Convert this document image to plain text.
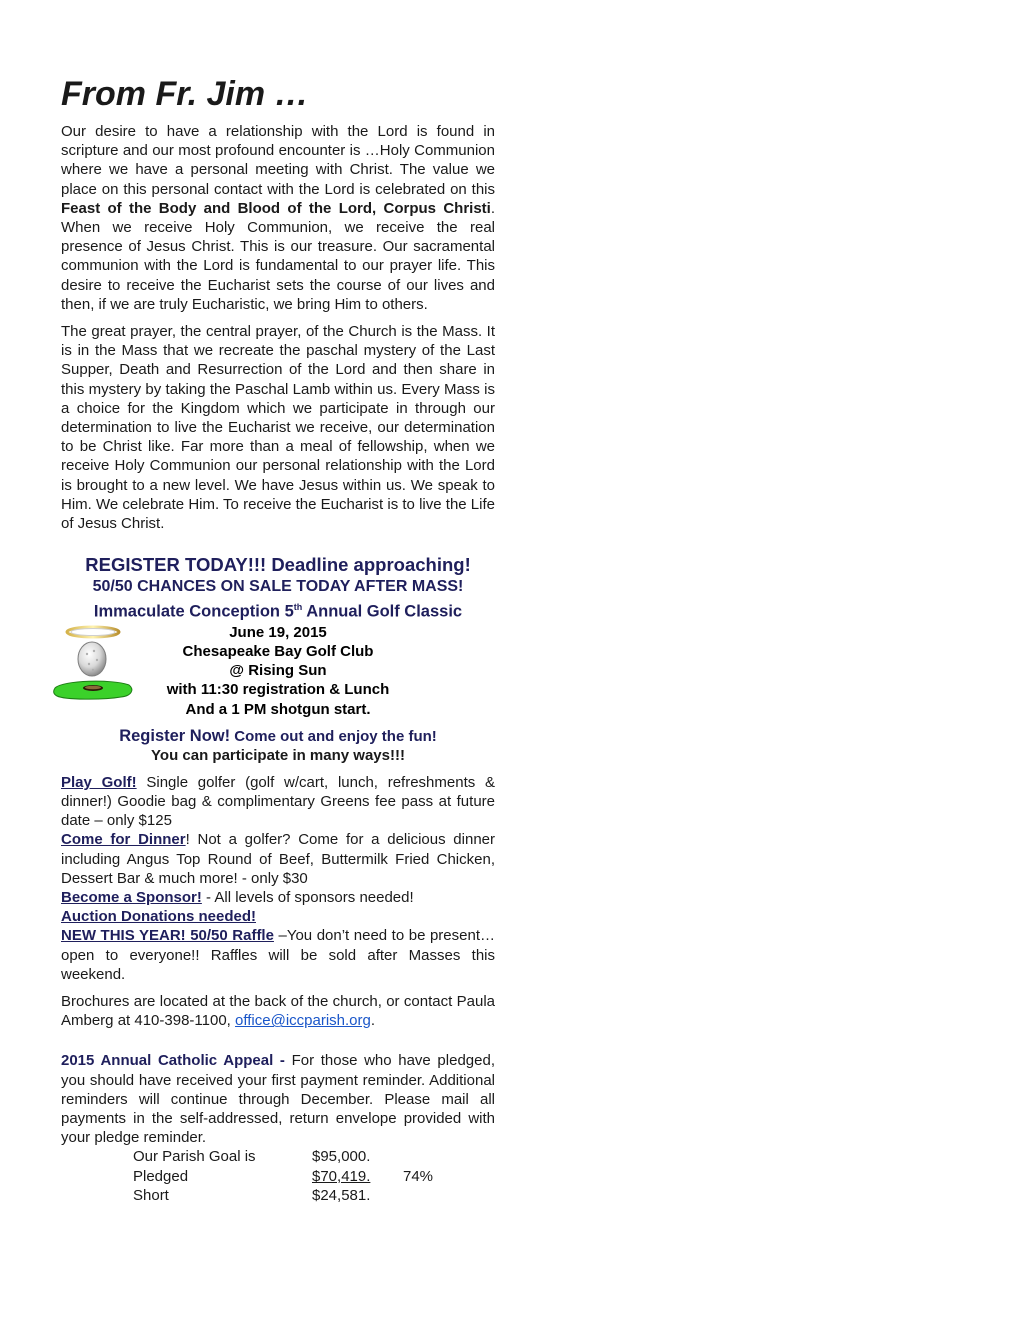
From Fr. Jim …

Our desire to have a relationship with the Lord is found in scripture and our most profound encounter is …Holy Communion where we have a personal meeting with Christ. The value we place on this personal contact with the Lord is celebrated on this Feast of the Body and Blood of the Lord, Corpus Christi. When we receive Holy Communion, we receive the real presence of Jesus Christ. This is our treasure. Our sacramental communion with the Lord is fundamental to our prayer life. This desire to receive the Eucharist sets the course of our lives and then, if we are truly Eucharistic, we bring Him to others.

The great prayer, the central prayer, of the Church is the Mass. It is in the Mass that we recreate the paschal mystery of the Last Supper, Death and Resurrection of the Lord and then share in this mystery by taking the Paschal Lamb within us. Every Mass is a choice for the Kingdom which we participate in through our determination to live the Eucharist we receive, our determination to be Christ like. Far more than a meal of fellowship, when we receive Holy Communion our personal relationship with the Lord is brought to a new level. We have Jesus within us. We speak to Him. We celebrate Him. To receive the Eucharist is to live the Life of Jesus Christ.

REGISTER TODAY!!! Deadline approaching!
50/50 CHANCES ON SALE TODAY AFTER MASS!
Immaculate Conception 5th Annual Golf Classic
June 19, 2015
Chesapeake Bay Golf Club
@ Rising Sun
with 11:30 registration & Lunch
And a 1 PM shotgun start.
Register Now! Come out and enjoy the fun!
You can participate in many ways!!!

Play Golf! Single golfer (golf w/cart, lunch, refreshments & dinner!) Goodie bag & complimentary Greens fee pass at future date – only $125

Come for Dinner! Not a golfer? Come for a delicious dinner including Angus Top Round of Beef, Buttermilk Fried Chicken, Dessert Bar & much more! - only $30

Become a Sponsor! - All levels of sponsors needed!

Auction Donations needed!

NEW THIS YEAR! 50/50 Raffle –You don’t need to be present… open to everyone!! Raffles will be sold after Masses this weekend.

Brochures are located at the back of the church, or contact Paula Amberg at 410-398-1100, office@iccparish.org.

2015 Annual Catholic Appeal - For those who have pledged, you should have received your first payment reminder. Additional reminders will continue through December. Please mail all payments in the self-addressed, return envelope provided with your pledge reminder.

Our Parish Goal is	$95,000.	
Pledged	$70,419.	74%
Short	$24,581.	
